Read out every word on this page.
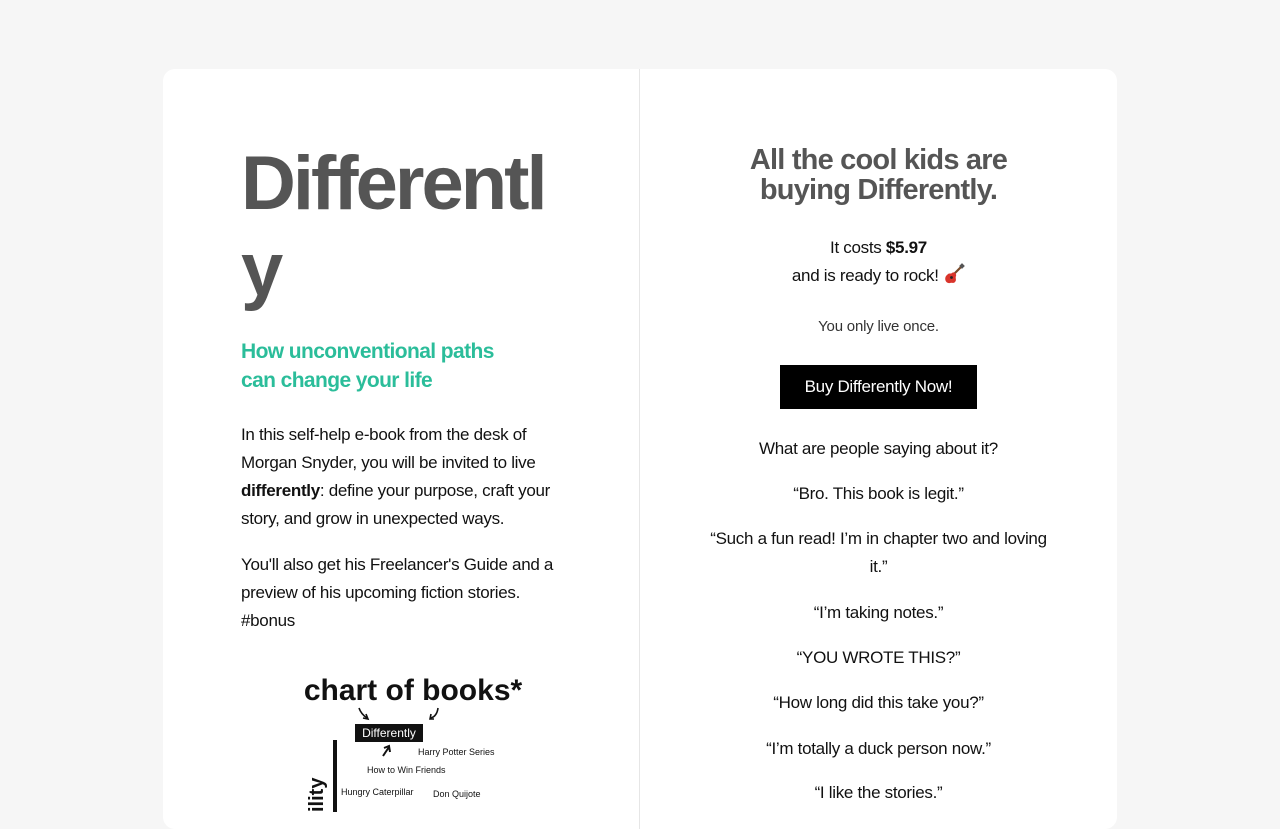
Differently
How unconventional paths
can change your life
In this self-help e-book from the desk of Morgan Snyder, you will be invited to live differently: define your purpose, craft your story, and grow in unexpected ways.
You'll also get his Freelancer's Guide and a preview of his upcoming fiction stories. #bonus
chart of books*
Differently
Harry Potter Series
How to Win Friends
Hungry Caterpillar Don Quijote
ility
All the cool kids are
buying Differently.
It costs $5.97
and is ready to rock!
You only live once.
Buy Differently Now!
What are people saying about it?
“Bro. This book is legit.”
“Such a fun read! I’m in chapter two and loving it.”
“I’m taking notes.”
“YOU WROTE THIS?”
“How long did this take you?”
“I’m totally a duck person now.”
“I like the stories.”
